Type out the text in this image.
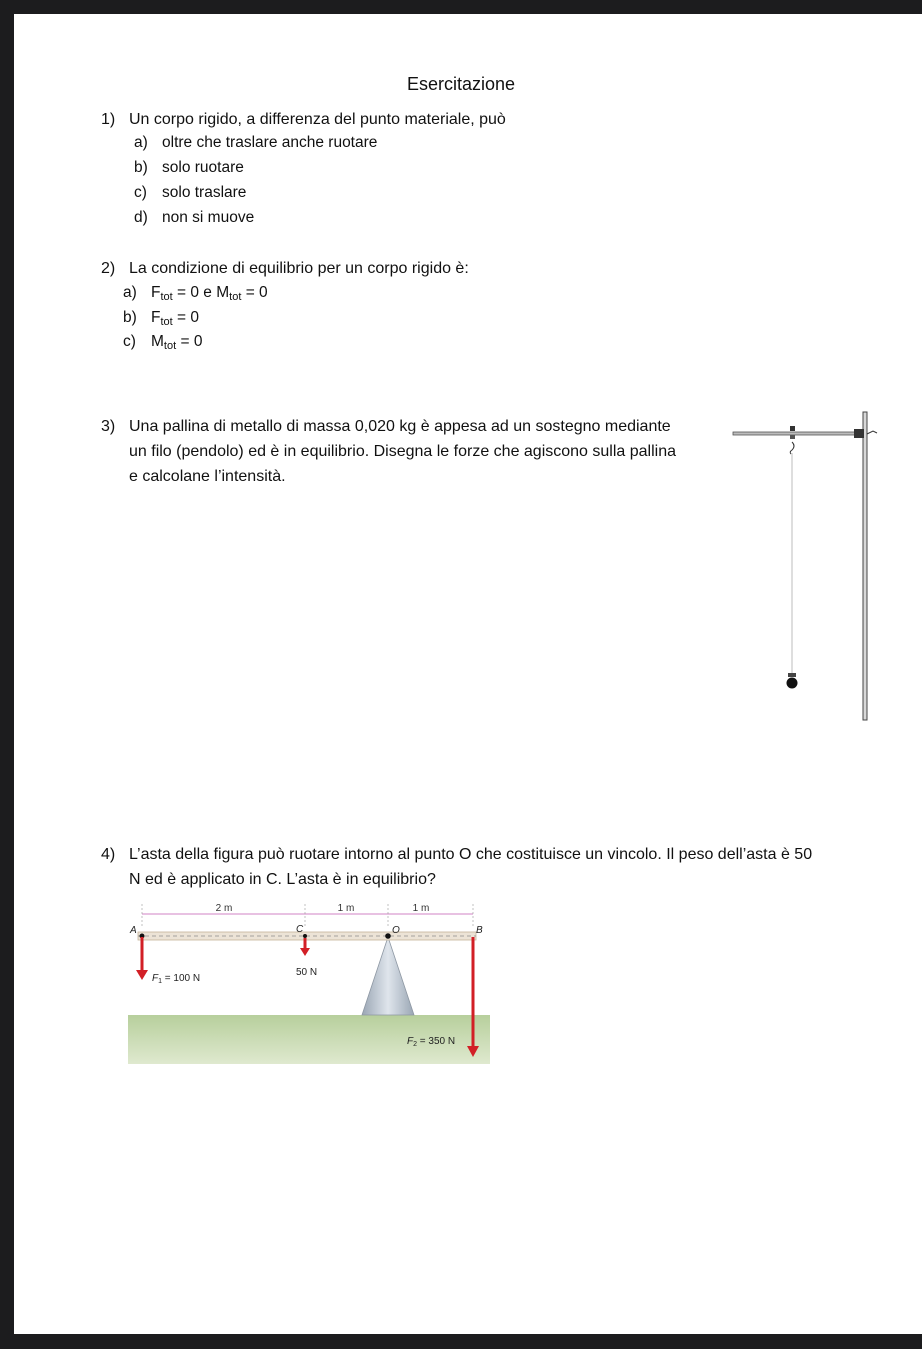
Esercitazione
1) Un corpo rigido, a differenza del punto materiale, può
a) oltre che traslare anche ruotare
b) solo ruotare
c) solo traslare
d) non si muove
2) La condizione di equilibrio per un corpo rigido è:
a) $F_{tot} = 0$ e $M_{tot} = 0$
b) $F_{tot} = 0$
c) $M_{tot} = 0$
3) Una pallina di metallo di massa 0,020 kg è appesa ad un sostegno mediante
un filo (pendolo) ed è in equilibrio. Disegna le forze che agiscono sulla pallina
e calcolane l’intensità.
4) L’asta della figura può ruotare intorno al punto O che costituisce un vincolo. Il peso dell’asta è 50
N ed è applicato in C. L’asta è in equilibrio?
2 m	1 m	1 m
A	C	O	B
$F_1 = 100$ N
50 N
$F_2 = 350$ N
